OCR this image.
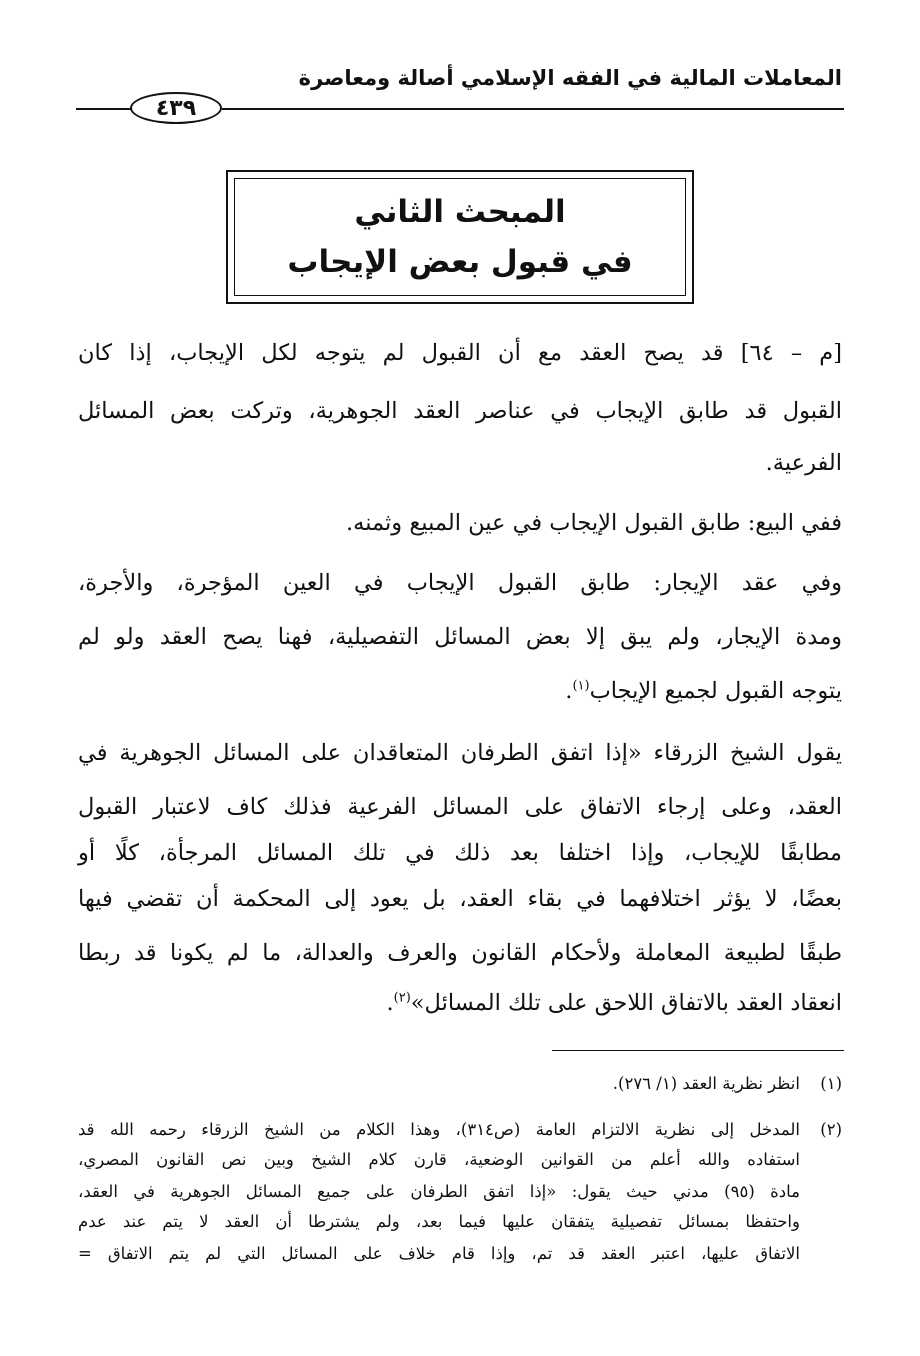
المعاملات المالية في الفقه الإسلامي أصالة ومعاصرة
٤٣٩
المبحث الثاني
في قبول بعض الإيجاب
[م – ٦٤] قد يصح العقد مع أن القبول لم يتوجه لكل الإيجاب، إذا كان
القبول قد طابق الإيجاب في عناصر العقد الجوهرية، وتركت بعض المسائل
الفرعية.
ففي البيع: طابق القبول الإيجاب في عين المبيع وثمنه.
وفي عقد الإيجار: طابق القبول الإيجاب في العين المؤجرة، والأجرة،
ومدة الإيجار، ولم يبق إلا بعض المسائل التفصيلية، فهنا يصح العقد ولو لم
يتوجه القبول لجميع الإيجاب$^{(١)}$.
يقول الشيخ الزرقاء «إذا اتفق الطرفان المتعاقدان على المسائل الجوهرية في
العقد، وعلى إرجاء الاتفاق على المسائل الفرعية فذلك كاف لاعتبار القبول
مطابقًا للإيجاب، وإذا اختلفا بعد ذلك في تلك المسائل المرجأة، كلًا أو
بعضًا، لا يؤثر اختلافهما في بقاء العقد، بل يعود إلى المحكمة أن تقضي فيها
طبقًا لطبيعة المعاملة ولأحكام القانون والعرف والعدالة، ما لم يكونا قد ربطا
انعقاد العقد بالاتفاق اللاحق على تلك المسائل»$^{(٢)}$.
(١)
انظر نظرية العقد (١/ ٢٧٦).
(٢)
المدخل إلى نظرية الالتزام العامة (ص٣١٤)، وهذا الكلام من الشيخ الزرقاء رحمه الله قد
استفاده والله أعلم من القوانين الوضعية، قارن كلام الشيخ وبين نص القانون المصري،
مادة (٩٥) مدني حيث يقول: «إذا اتفق الطرفان على جميع المسائل الجوهرية في العقد،
واحتفظا بمسائل تفصيلية يتفقان عليها فيما بعد، ولم يشترطا أن العقد لا يتم عند عدم
الاتفاق عليها، اعتبر العقد قد تم، وإذا قام خلاف على المسائل التي لم يتم الاتفاق =
